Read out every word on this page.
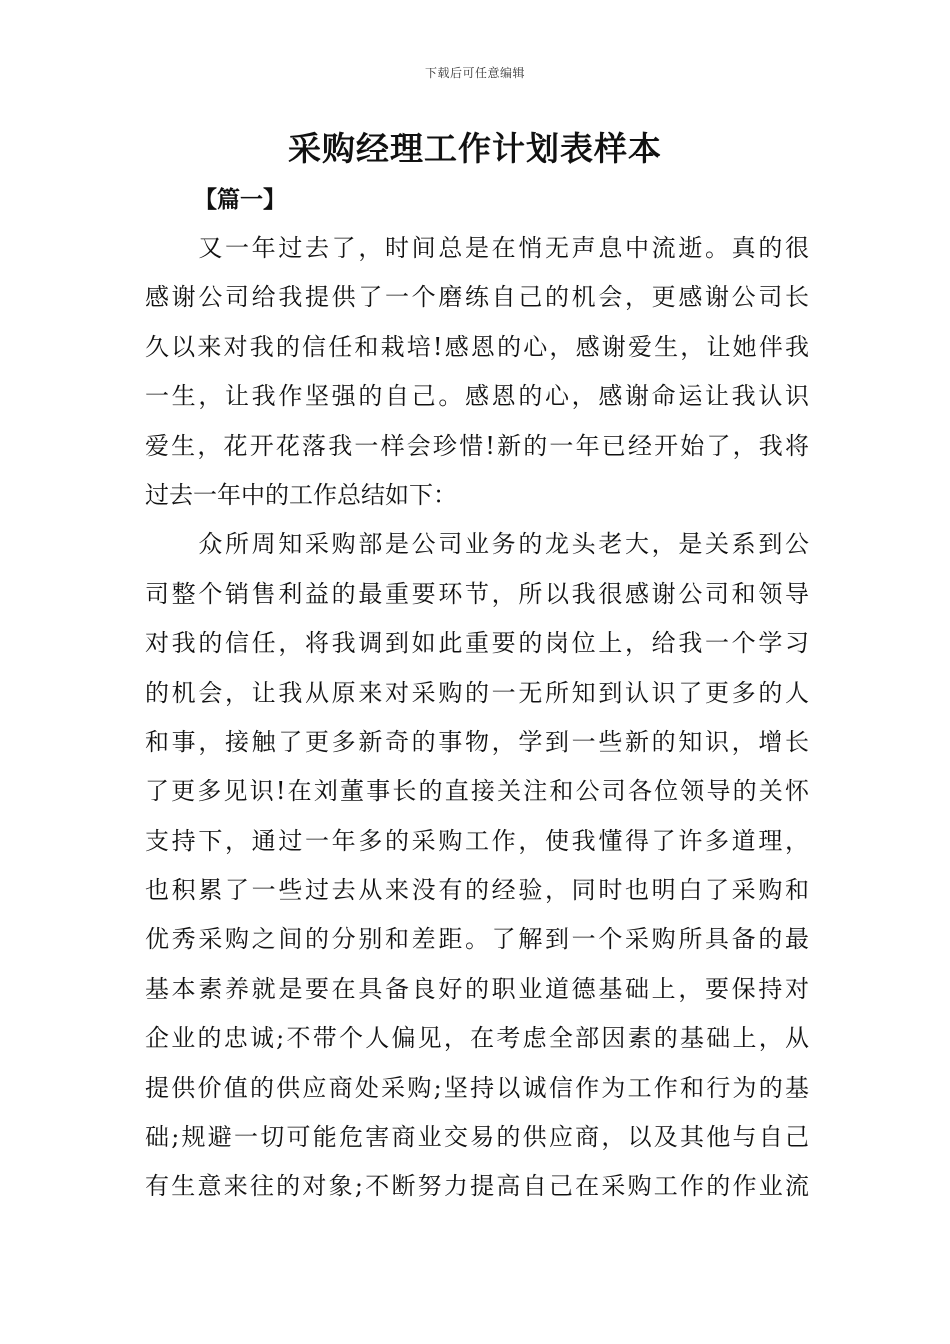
下载后可任意编辑
采购经理工作计划表样本
【篇一】
　　又一年过去了，时间总是在悄无声息中流逝。真的很
感谢公司给我提供了一个磨练自己的机会，更感谢公司长
久以来对我的信任和栽培!感恩的心，感谢爱生，让她伴我
一生，让我作坚强的自己。感恩的心，感谢命运让我认识
爱生，花开花落我一样会珍惜!新的一年已经开始了，我将
过去一年中的工作总结如下：
　　众所周知采购部是公司业务的龙头老大，是关系到公
司整个销售利益的最重要环节，所以我很感谢公司和领导
对我的信任，将我调到如此重要的岗位上，给我一个学习
的机会，让我从原来对采购的一无所知到认识了更多的人
和事，接触了更多新奇的事物，学到一些新的知识，增长
了更多见识!在刘董事长的直接关注和公司各位领导的关怀
支持下，通过一年多的采购工作，使我懂得了许多道理，
也积累了一些过去从来没有的经验，同时也明白了采购和
优秀采购之间的分别和差距。了解到一个采购所具备的最
基本素养就是要在具备良好的职业道德基础上，要保持对
企业的忠诚;不带个人偏见，在考虑全部因素的基础上，从
提供价值的供应商处采购;坚持以诚信作为工作和行为的基
础;规避一切可能危害商业交易的供应商，以及其他与自己
有生意来往的对象;不断努力提高自己在采购工作的作业流
